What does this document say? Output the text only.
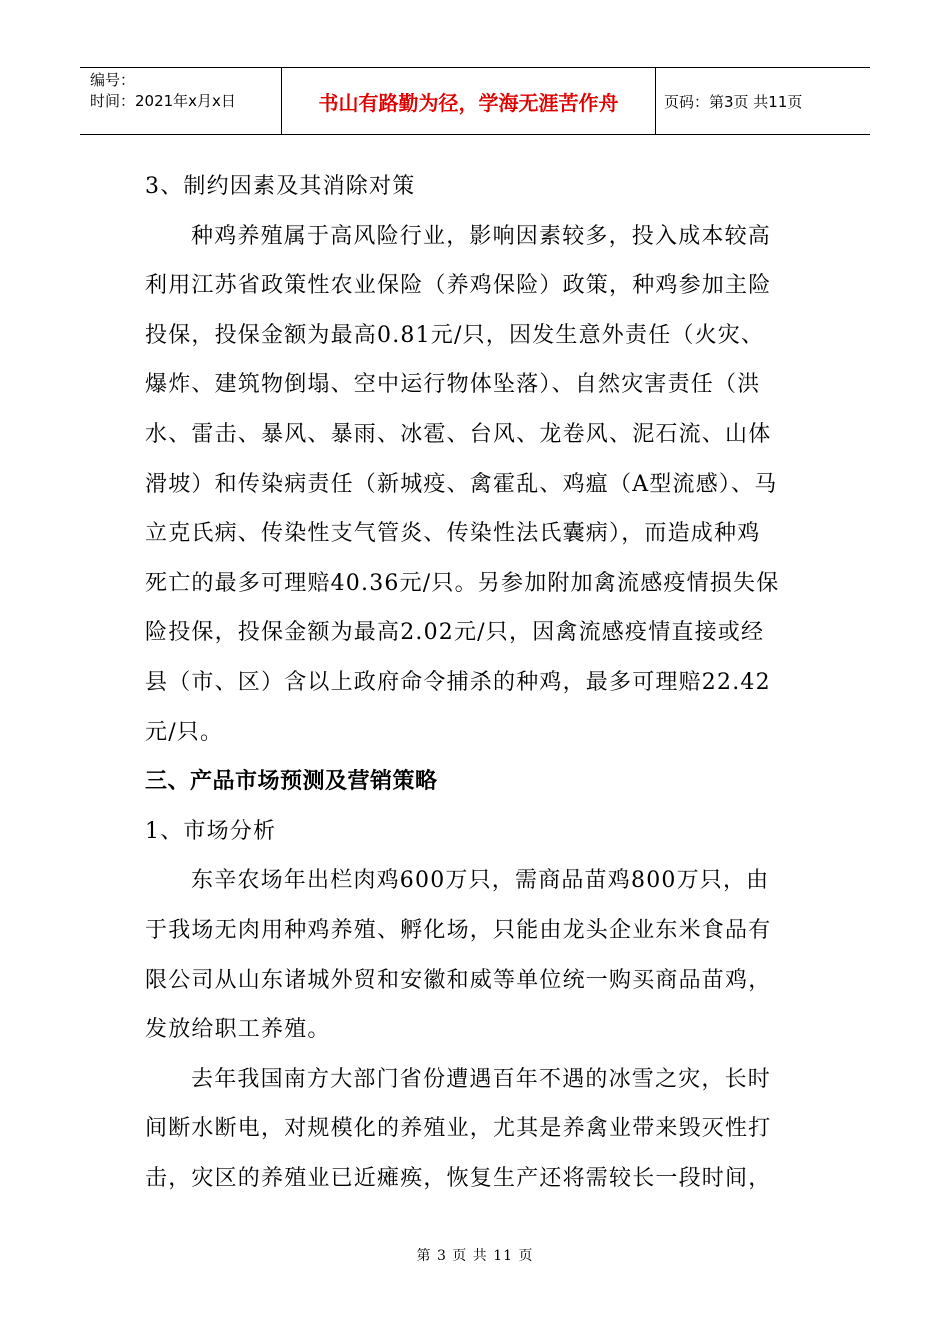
编号：
时间：2021年x月x日	书山有路勤为径，学海无涯苦作舟	页码：第3页 共11页
3、制约因素及其消除对策
种鸡养殖属于高风险行业，影响因素较多，投入成本较高
利用江苏省政策性农业保险（养鸡保险）政策，种鸡参加主险
投保，投保金额为最高0.81元/只，因发生意外责任（火灾、
爆炸、建筑物倒塌、空中运行物体坠落）、自然灾害责任（洪
水、雷击、暴风、暴雨、冰雹、台风、龙卷风、泥石流、山体
滑坡）和传染病责任（新城疫、禽霍乱、鸡瘟（A型流感）、马
立克氏病、传染性支气管炎、传染性法氏囊病），而造成种鸡
死亡的最多可理赔40.36元/只。另参加附加禽流感疫情损失保
险投保，投保金额为最高2.02元/只，因禽流感疫情直接或经
县（市、区）含以上政府命令捕杀的种鸡，最多可理赔22.42
元/只。
三、产品市场预测及营销策略
1、市场分析
东辛农场年出栏肉鸡600万只，需商品苗鸡800万只，由
于我场无肉用种鸡养殖、孵化场，只能由龙头企业东米食品有
限公司从山东诸城外贸和安徽和威等单位统一购买商品苗鸡，
发放给职工养殖。
去年我国南方大部门省份遭遇百年不遇的冰雪之灾，长时
间断水断电，对规模化的养殖业，尤其是养禽业带来毁灭性打
击，灾区的养殖业已近瘫痪，恢复生产还将需较长一段时间，
第 3 页 共 11 页
